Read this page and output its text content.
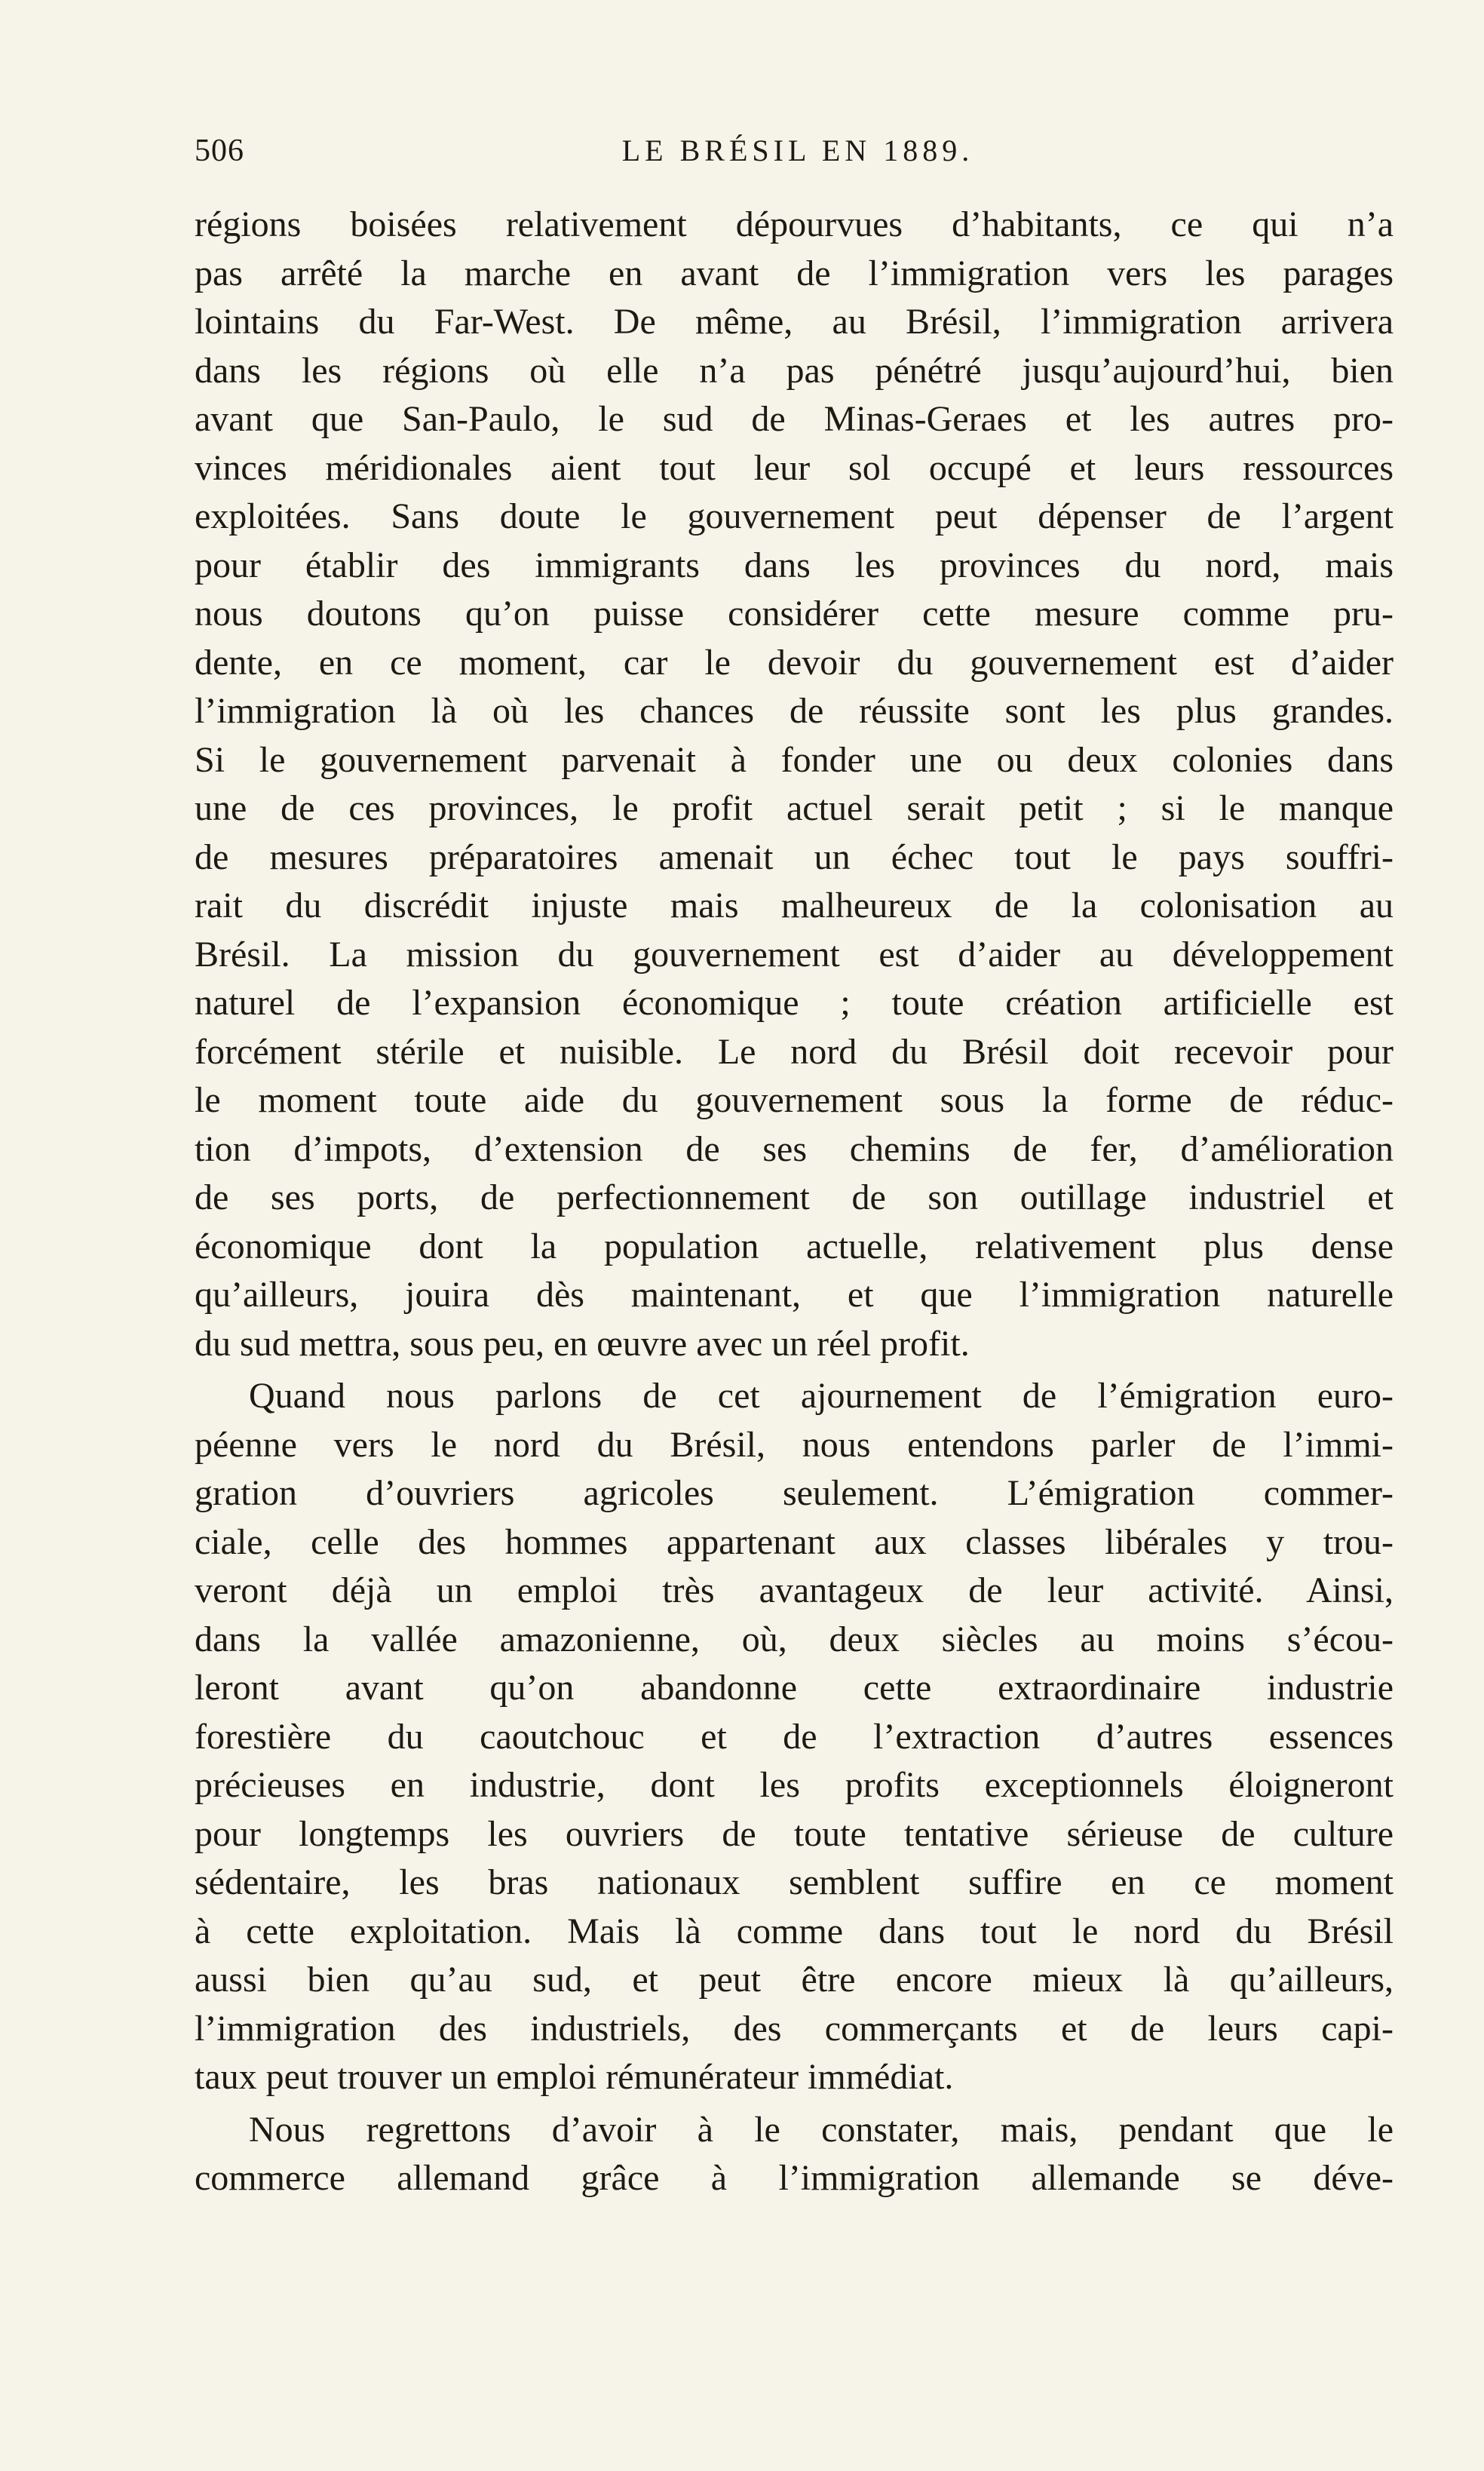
506	LE BRÉSIL EN 1889.
régions boisées relativement dépourvues d’habitants, ce qui n’a
pas arrêté la marche en avant de l’immigration vers les parages
lointains du Far-West. De même, au Brésil, l’immigration arrivera
dans les régions où elle n’a pas pénétré jusqu’aujourd’hui, bien
avant que San-Paulo, le sud de Minas-Geraes et les autres pro-
vinces méridionales aient tout leur sol occupé et leurs ressources
exploitées. Sans doute le gouvernement peut dépenser de l’argent
pour établir des immigrants dans les provinces du nord, mais
nous doutons qu’on puisse considérer cette mesure comme pru-
dente, en ce moment, car le devoir du gouvernement est d’aider
l’immigration là où les chances de réussite sont les plus grandes.
Si le gouvernement parvenait à fonder une ou deux colonies dans
une de ces provinces, le profit actuel serait petit ; si le manque
de mesures préparatoires amenait un échec tout le pays souffri-
rait du discrédit injuste mais malheureux de la colonisation au
Brésil. La mission du gouvernement est d’aider au développement
naturel de l’expansion économique ; toute création artificielle est
forcément stérile et nuisible. Le nord du Brésil doit recevoir pour
le moment toute aide du gouvernement sous la forme de réduc-
tion d’impots, d’extension de ses chemins de fer, d’amélioration
de ses ports, de perfectionnement de son outillage industriel et
économique dont la population actuelle, relativement plus dense
qu’ailleurs, jouira dès maintenant, et que l’immigration naturelle
du sud mettra, sous peu, en œuvre avec un réel profit.
Quand nous parlons de cet ajournement de l’émigration euro-
péenne vers le nord du Brésil, nous entendons parler de l’immi-
gration d’ouvriers agricoles seulement. L’émigration commer-
ciale, celle des hommes appartenant aux classes libérales y trou-
veront déjà un emploi très avantageux de leur activité. Ainsi,
dans la vallée amazonienne, où, deux siècles au moins s’écou-
leront avant qu’on abandonne cette extraordinaire industrie
forestière du caoutchouc et de l’extraction d’autres essences
précieuses en industrie, dont les profits exceptionnels éloigneront
pour longtemps les ouvriers de toute tentative sérieuse de culture
sédentaire, les bras nationaux semblent suffire en ce moment
à cette exploitation. Mais là comme dans tout le nord du Brésil
aussi bien qu’au sud, et peut être encore mieux là qu’ailleurs,
l’immigration des industriels, des commerçants et de leurs capi-
taux peut trouver un emploi rémunérateur immédiat.
Nous regrettons d’avoir à le constater, mais, pendant que le
commerce allemand grâce à l’immigration allemande se déve-
